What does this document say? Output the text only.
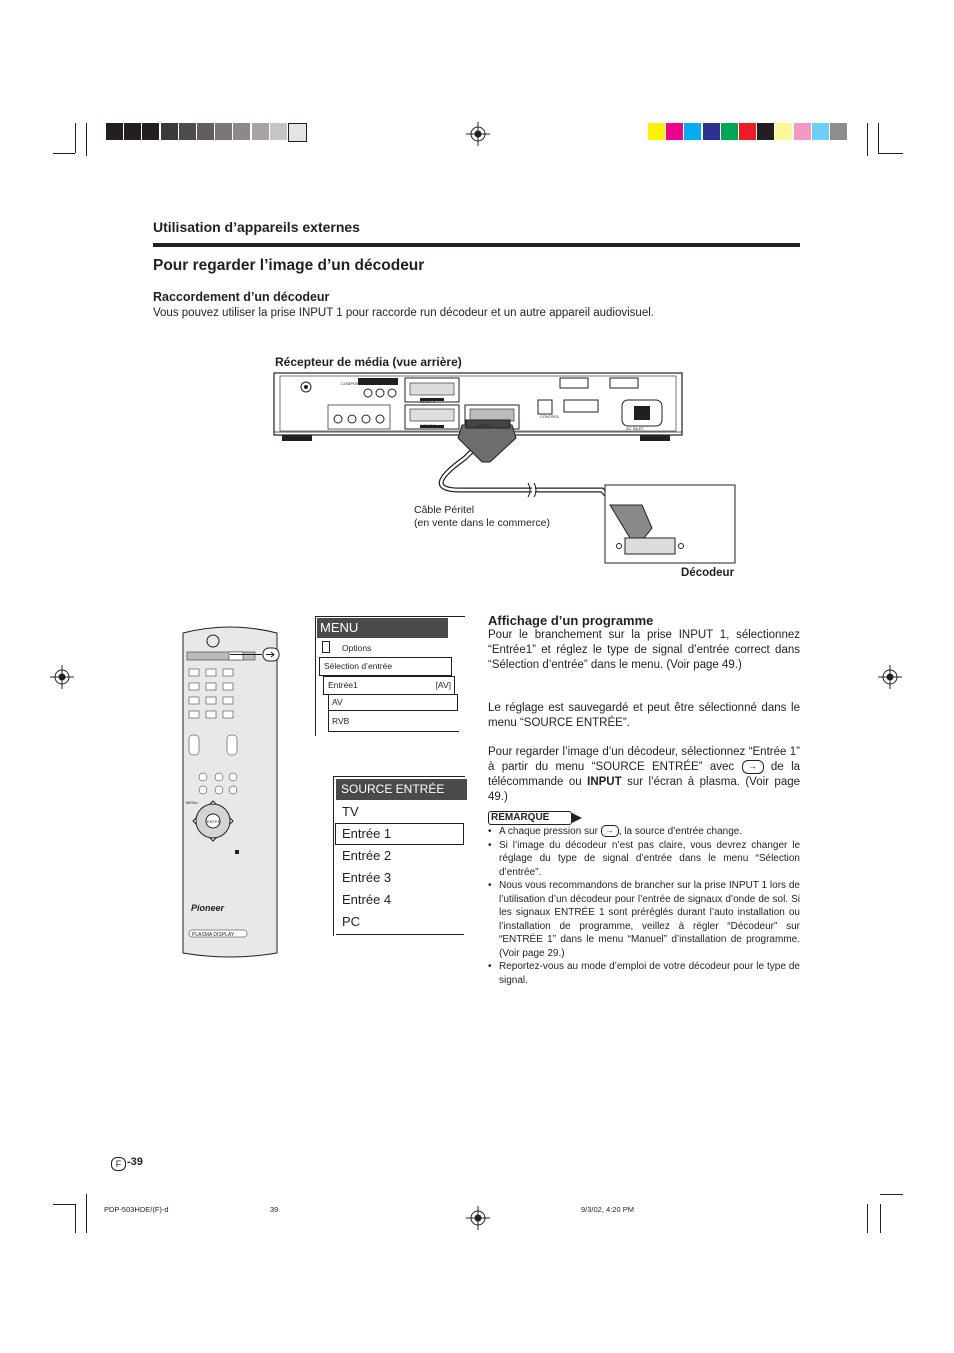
Utilisation d’appareils externes
Pour regarder l’image d’un décodeur
Raccordement d’un décodeur
Vous pouvez utiliser la prise INPUT 1 pour raccorde run décodeur et un autre appareil audiovisuel.
Récepteur de média (vue arrière)
COMPONENT
INPUT 1
INPUT 2	INPUT 3
CONTROL
AC INLET
Câble Péritel
(en vente dans le commerce)
Décodeur
MENU
ENTER
Pioneer
PLASMA DISPLAY
MENU
Options
Sélection d’entrée
Entrée1	[AV]
AV
RVB
SOURCE ENTRÉE
TV
Entrée 1
Entrée 2
Entrée 3
Entrée 4
PC
Affichage d’un programme
Pour le branchement sur la prise INPUT 1, sélectionnez “Entrée1” et réglez le type de signal d’entrée correct dans “Sélection d’entrée” dans le menu. (Voir page 49.)
Le réglage est sauvegardé et peut être sélectionné dans le menu “SOURCE ENTRÉE”.
Pour regarder l’image d’un décodeur, sélectionnez “Entrée 1” à partir du menu “SOURCE ENTRÉE” avec → de la télécommande ou INPUT sur l’écran à plasma. (Voir page 49.)
REMARQUE
• A chaque pression sur → , la source d’entrée change.
• Si l’image du décodeur n’est pas claire, vous devrez changer le réglage du type de signal d’entrée dans le menu “Sélection d’entrée”.
• Nous vous recommandons de brancher sur la prise INPUT 1 lors de l’utilisation d’un décodeur pour l’entrée de signaux d’onde de sol. Si les signaux ENTRÉE 1 sont préréglés durant l’auto installation ou l’installation de programme, veillez à régler “Décodeur” sur “ENTRÉE 1” dans le menu “Manuel” d’installation de programme. (Voir page 29.)
• Reportez-vous au mode d’emploi de votre décodeur pour le type de signal.
F -39
PDP-503HDE/(F)-d	39	9/3/02, 4:20 PM
